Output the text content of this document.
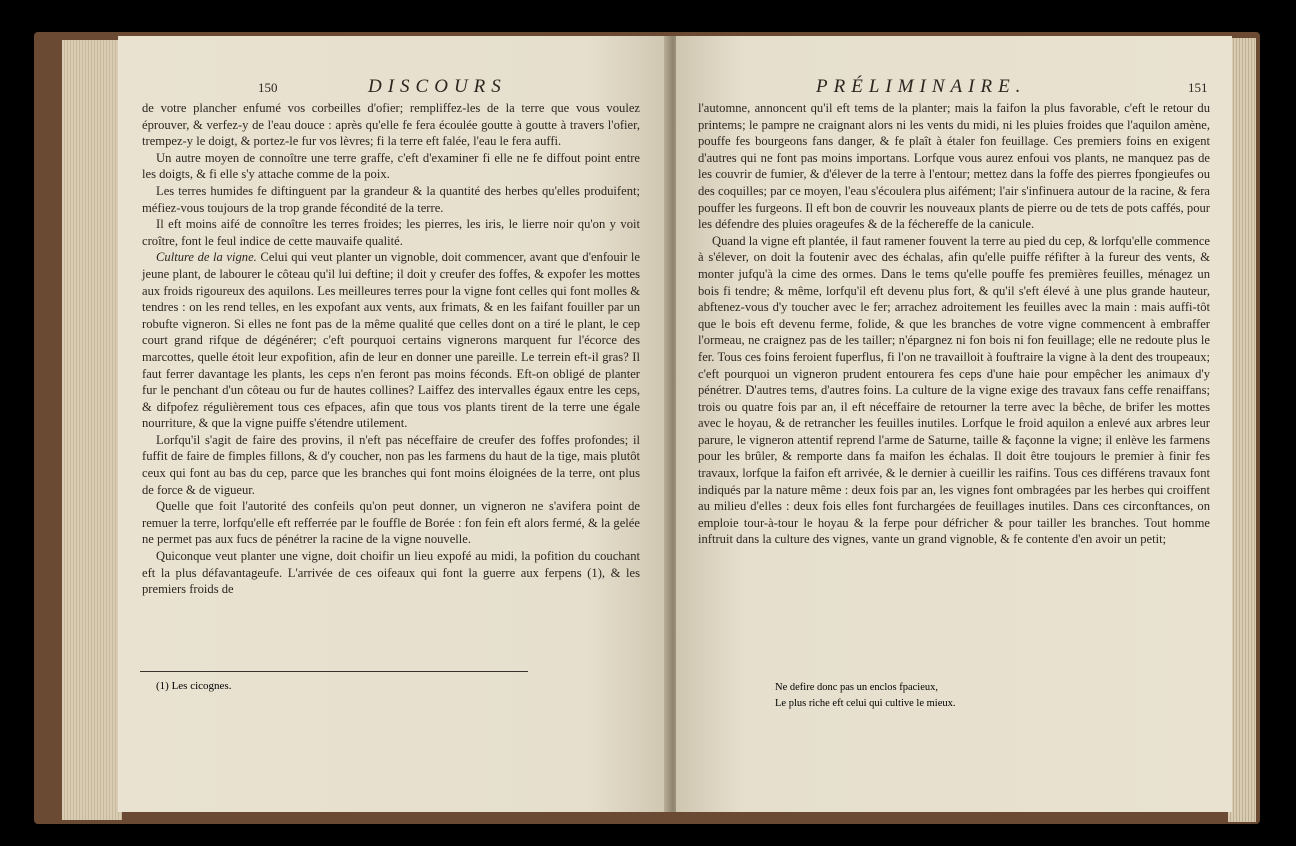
150	DISCOURS

de votre plancher enfumé vos corbeilles d'ofier; rempliffez-les de la terre que vous voulez éprouver, & verfez-y de l'eau douce : après qu'elle fe fera écoulée goutte à goutte à travers l'ofier, trempez-y le doigt, & portez-le fur vos lèvres; fi la terre eft falée, l'eau le fera auffi.

Un autre moyen de connoître une terre graffe, c'eft d'examiner fi elle ne fe diffout point entre les doigts, & fi elle s'y attache comme de la poix.

Les terres humides fe diftinguent par la grandeur & la quantité des herbes qu'elles produifent; méfiez-vous toujours de la trop grande fécondité de la terre.

Il eft moins aifé de connoître les terres froides; les pierres, les iris, le lierre noir qu'on y voit croître, font le feul indice de cette mauvaife qualité.

Culture de la vigne. Celui qui veut planter un vignoble, doit commencer, avant que d'enfouir le jeune plant, de labourer le côteau qu'il lui deftine; il doit y creufer des foffes, & expofer les mottes aux froids rigoureux des aquilons. Les meilleures terres pour la vigne font celles qui font molles & tendres : on les rend telles, en les expofant aux vents, aux frimats, & en les faifant fouiller par un robufte vigneron. Si elles ne font pas de la même qualité que celles dont on a tiré le plant, le cep court grand rifque de dégénérer; c'eft pourquoi certains vignerons marquent fur l'écorce des marcottes, quelle étoit leur expofition, afin de leur en donner une pareille. Le terrein eft-il gras? Il faut ferrer davantage les plants, les ceps n'en feront pas moins féconds. Eft-on obligé de planter fur le penchant d'un côteau ou fur de hautes collines? Laiffez des intervalles égaux entre les ceps, & difpofez régulièrement tous ces efpaces, afin que tous vos plants tirent de la terre une égale nourriture, & que la vigne puiffe s'étendre utilement.

Lorfqu'il s'agit de faire des provins, il n'eft pas néceffaire de creufer des foffes profondes; il fuffit de faire de fimples fillons, & d'y coucher, non pas les farmens du haut de la tige, mais plutôt ceux qui font au bas du cep, parce que les branches qui font moins éloignées de la terre, ont plus de force & de vigueur.

Quelle que foit l'autorité des confeils qu'on peut donner, un vigneron ne s'avifera point de remuer la terre, lorfqu'elle eft refferrée par le fouffle de Borée : fon fein eft alors fermé, & la gelée ne permet pas aux fucs de pénétrer la racine de la vigne nouvelle.

Quiconque veut planter une vigne, doit choifir un lieu expofé au midi, la pofition du couchant eft la plus défavantageufe. L'arrivée de ces oifeaux qui font la guerre aux ferpens (1), & les premiers froids de

PRÉLIMINAIRE.	151

l'automne, annoncent qu'il eft tems de la planter; mais la faifon la plus favorable, c'eft le retour du printems; le pampre ne craignant alors ni les vents du midi, ni les pluies froides que l'aquilon amène, pouffe fes bourgeons fans danger, & fe plaît à étaler fon feuillage. Ces premiers foins en exigent d'autres qui ne font pas moins importans. Lorfque vous aurez enfoui vos plants, ne manquez pas de les couvrir de fumier, & d'élever de la terre à l'entour; mettez dans la foffe des pierres fpongieufes ou des coquilles; par ce moyen, l'eau s'écoulera plus aifément; l'air s'infinuera autour de la racine, & fera pouffer les furgeons. Il eft bon de couvrir les nouveaux plants de pierre ou de tets de pots caffés, pour les défendre des pluies orageufes & de la féchereffe de la canicule.

Quand la vigne eft plantée, il faut ramener fouvent la terre au pied du cep, & lorfqu'elle commence à s'élever, on doit la foutenir avec des échalas, afin qu'elle puiffe réfifter à la fureur des vents, & monter jufqu'à la cime des ormes. Dans le tems qu'elle pouffe fes premières feuilles, ménagez un bois fi tendre; & même, lorfqu'il eft devenu plus fort, & qu'il s'eft élevé à une plus grande hauteur, abftenez-vous d'y toucher avec le fer; arrachez adroitement les feuilles avec la main : mais auffi-tôt que le bois eft devenu ferme, folide, & que les branches de votre vigne commencent à embraffer l'ormeau, ne craignez pas de les tailler; n'épargnez ni fon bois ni fon feuillage; elle ne redoute plus le fer. Tous ces foins feroient fuperflus, fi l'on ne travailloit à fouftraire la vigne à la dent des troupeaux; c'eft pourquoi un vigneron prudent entourera fes ceps d'une haie pour empêcher les animaux d'y pénétrer. D'autres tems, d'autres foins. La culture de la vigne exige des travaux fans ceffe renaiffans; trois ou quatre fois par an, il eft néceffaire de retourner la terre avec la bêche, de brifer les mottes avec le hoyau, & de retrancher les feuilles inutiles. Lorfque le froid aquilon a enlevé aux arbres leur parure, le vigneron attentif reprend l'arme de Saturne, taille & façonne la vigne; il enlève les farmens pour les brûler, & remporte dans fa maifon les échalas. Il doit être toujours le premier à finir fes travaux, lorfque la faifon eft arrivée, & le dernier à cueillir les raifins. Tous ces différens travaux font indiqués par la nature même : deux fois par an, les vignes font ombragées par les herbes qui croiffent au milieu d'elles : deux fois elles font furchargées de feuillages inutiles. Dans ces circonftances, on emploie tour-à-tour le hoyau & la ferpe pour défricher & pour tailler les branches. Tout homme inftruit dans la culture des vignes, vante un grand vignoble, & fe contente d'en avoir un petit;

(1) Les cicognes.	Ne defire donc pas un enclos fpacieux,
Le plus riche eft celui qui cultive le mieux.
